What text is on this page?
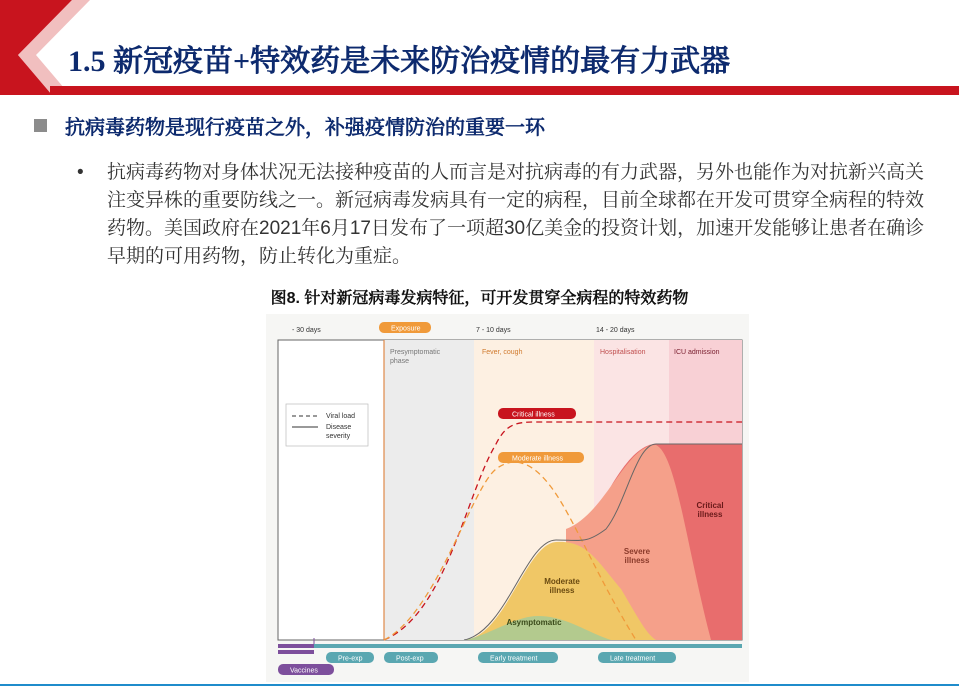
1.5 新冠疫苗+特效药是未来防治疫情的最有力武器
抗病毒药物是现行疫苗之外，补强疫情防治的重要一环
• 抗病毒药物对身体状况无法接种疫苗的人而言是对抗病毒的有力武器，另外也能作为对抗新兴高关注变异株的重要防线之一。新冠病毒发病具有一定的病程，目前全球都在开发可贯穿全病程的特效药物。美国政府在2021年6月17日发布了一项超30亿美金的投资计划，加速开发能够让患者在确诊早期的可用药物，防止转化为重症。
图8. 针对新冠病毒发病特征，可开发贯穿全病程的特效药物
- 30 days	Exposure	7 - 10 days	14 - 20 days
Presymptomatic
phase
Fever, cough	Hospitalisation	ICU admission
Viral load
Disease
severity
Critical illness
Moderate illness
Critical
illness
Severe
illness
Moderate
illness
Asymptomatic
Pre-exp	Post-exp	Early treatment	Late treatment
Vaccines
